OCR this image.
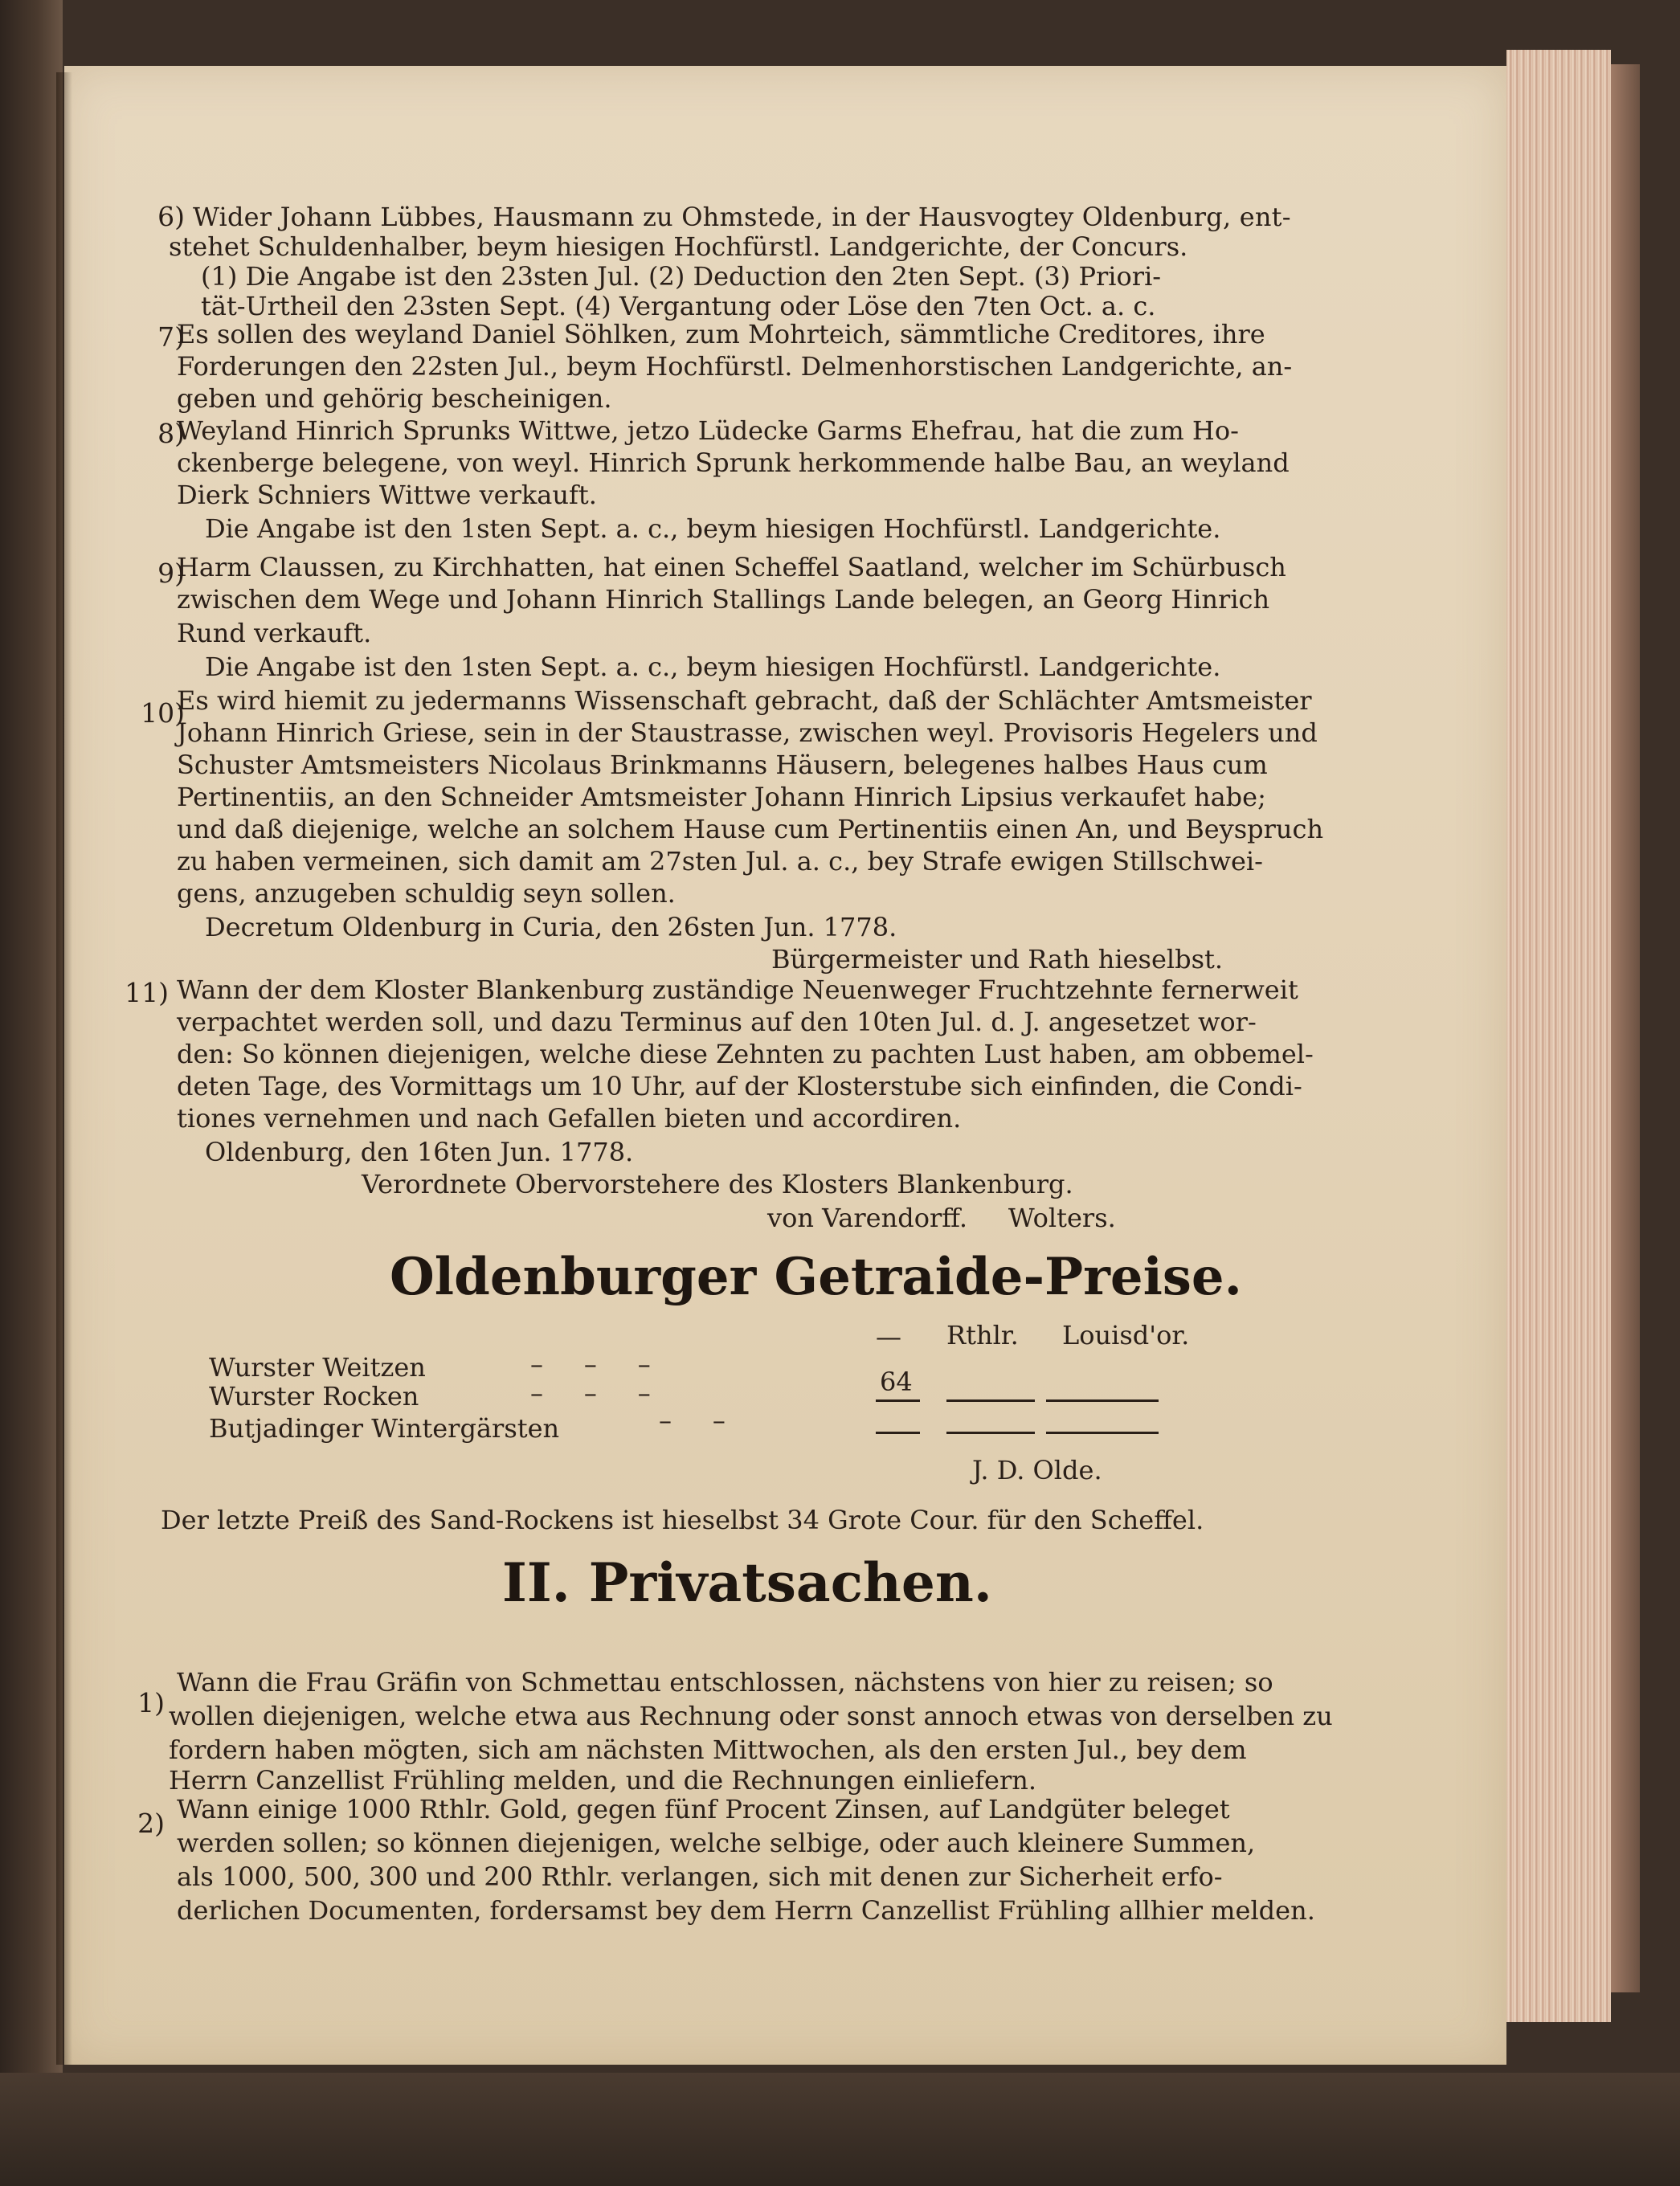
6) Wider Johann Lübbes, Hausmann zu Ohmstede, in der Hausvogtey Oldenburg, ent-
stehet Schuldenhalber, beym hiesigen Hochfürstl. Landgerichte, der Concurs.
(1) Die Angabe ist den 23sten Jul. (2) Deduction den 2ten Sept. (3) Priori-
tät-Urtheil den 23sten Sept. (4) Vergantung oder Löse den 7ten Oct. a. c.
7)
Es sollen des weyland Daniel Söhlken, zum Mohrteich, sämmtliche Creditores, ihre
Forderungen den 22sten Jul., beym Hochfürstl. Delmenhorstischen Landgerichte, an-
geben und gehörig bescheinigen.
8)
Weyland Hinrich Sprunks Wittwe, jetzo Lüdecke Garms Ehefrau, hat die zum Ho-
ckenberge belegene, von weyl. Hinrich Sprunk herkommende halbe Bau, an weyland
Dierk Schniers Wittwe verkauft.
Die Angabe ist den 1sten Sept. a. c., beym hiesigen Hochfürstl. Landgerichte.
9)
Harm Claussen, zu Kirchhatten, hat einen Scheffel Saatland, welcher im Schürbusch
zwischen dem Wege und Johann Hinrich Stallings Lande belegen, an Georg Hinrich
Rund verkauft.
Die Angabe ist den 1sten Sept. a. c., beym hiesigen Hochfürstl. Landgerichte.
10)
Es wird hiemit zu jedermanns Wissenschaft gebracht, daß der Schlächter Amtsmeister
Johann Hinrich Griese, sein in der Staustrasse, zwischen weyl. Provisoris Hegelers und
Schuster Amtsmeisters Nicolaus Brinkmanns Häusern, belegenes halbes Haus cum
Pertinentiis, an den Schneider Amtsmeister Johann Hinrich Lipsius verkaufet habe;
und daß diejenige, welche an solchem Hause cum Pertinentiis einen An, und Beyspruch
zu haben vermeinen, sich damit am 27sten Jul. a. c., bey Strafe ewigen Stillschwei-
gens, anzugeben schuldig seyn sollen.
Decretum Oldenburg in Curia, den 26sten Jun. 1778.
Bürgermeister und Rath hieselbst.
11) Wann der dem Kloster Blankenburg zuständige Neuenweger Fruchtzehnte fernerweit
verpachtet werden soll, und dazu Terminus auf den 10ten Jul. d. J. angesetzet wor-
den: So können diejenigen, welche diese Zehnten zu pachten Lust haben, am obbemel-
deten Tage, des Vormittags um 10 Uhr, auf der Klosterstube sich einfinden, die Condi-
tiones vernehmen und nach Gefallen bieten und accordiren.
Oldenburg, den 16ten Jun. 1778.
Verordnete Obervorstehere des Klosters Blankenburg.
von Varendorff.     Wolters.
Oldenburger Getraide-Preise.
— Rthlr. Louisd'or.
Wurster Weitzen	–     –     –
Wurster Rocken	–     –     –	64
Butjadinger Wintergärsten	–     –
J. D. Olde.
Der letzte Preiß des Sand-Rockens ist hieselbst 34 Grote Cour. für den Scheffel.
II. Privatsachen.
1)
Wann die Frau Gräfin von Schmettau entschlossen, nächstens von hier zu reisen; so
wollen diejenigen, welche etwa aus Rechnung oder sonst annoch etwas von derselben zu
fordern haben mögten, sich am nächsten Mittwochen, als den ersten Jul., bey dem
Herrn Canzellist Frühling melden, und die Rechnungen einliefern.
2) Wann einige 1000 Rthlr. Gold, gegen fünf Procent Zinsen, auf Landgüter beleget
werden sollen; so können diejenigen, welche selbige, oder auch kleinere Summen,
als 1000, 500, 300 und 200 Rthlr. verlangen, sich mit denen zur Sicherheit erfo-
derlichen Documenten, fordersamst bey dem Herrn Canzellist Frühling allhier melden.
